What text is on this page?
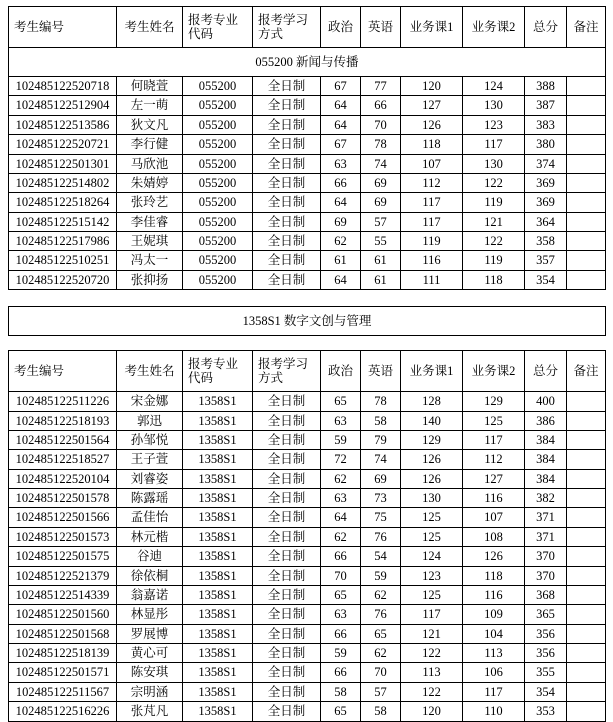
考生编号	考生姓名	报考专业代码	报考学习方式	政治	英语	业务课1	业务课2	总分	备注
055200 新闻与传播
102485122520718	何晓萱	055200	全日制	67	77	120	124	388	
102485122512904	左一萌	055200	全日制	64	66	127	130	387	
102485122513586	狄文凡	055200	全日制	64	70	126	123	383	
102485122520721	李行健	055200	全日制	67	78	118	117	380	
102485122501301	马欣池	055200	全日制	63	74	107	130	374	
102485122514802	朱婧婷	055200	全日制	66	69	112	122	369	
102485122518264	张玲艺	055200	全日制	64	69	117	119	369	
102485122515142	李佳睿	055200	全日制	69	57	117	121	364	
102485122517986	王妮琪	055200	全日制	62	55	119	122	358	
102485122510251	冯太一	055200	全日制	61	61	116	119	357	
102485122520720	张抑扬	055200	全日制	64	61	111	118	354	
1358S1 数字文创与管理
考生编号	考生姓名	报考专业代码	报考学习方式	政治	英语	业务课1	业务课2	总分	备注
102485122511226	宋金娜	1358S1	全日制	65	78	128	129	400	
102485122518193	郭迅	1358S1	全日制	63	58	140	125	386	
102485122501564	孙邹悦	1358S1	全日制	59	79	129	117	384	
102485122518527	王子萱	1358S1	全日制	72	74	126	112	384	
102485122520104	刘睿姿	1358S1	全日制	62	69	126	127	384	
102485122501578	陈露瑶	1358S1	全日制	63	73	130	116	382	
102485122501566	孟佳怡	1358S1	全日制	64	75	125	107	371	
102485122501573	林元楷	1358S1	全日制	62	76	125	108	371	
102485122501575	谷迪	1358S1	全日制	66	54	124	126	370	
102485122521379	徐依桐	1358S1	全日制	70	59	123	118	370	
102485122514339	翁嘉诺	1358S1	全日制	65	62	125	116	368	
102485122501560	林显彤	1358S1	全日制	63	76	117	109	365	
102485122501568	罗展博	1358S1	全日制	66	65	121	104	356	
102485122518139	黄心可	1358S1	全日制	59	62	122	113	356	
102485122501571	陈安琪	1358S1	全日制	66	70	113	106	355	
102485122511567	宗明涵	1358S1	全日制	58	57	122	117	354	
102485122516226	张芃凡	1358S1	全日制	65	58	120	110	353	
